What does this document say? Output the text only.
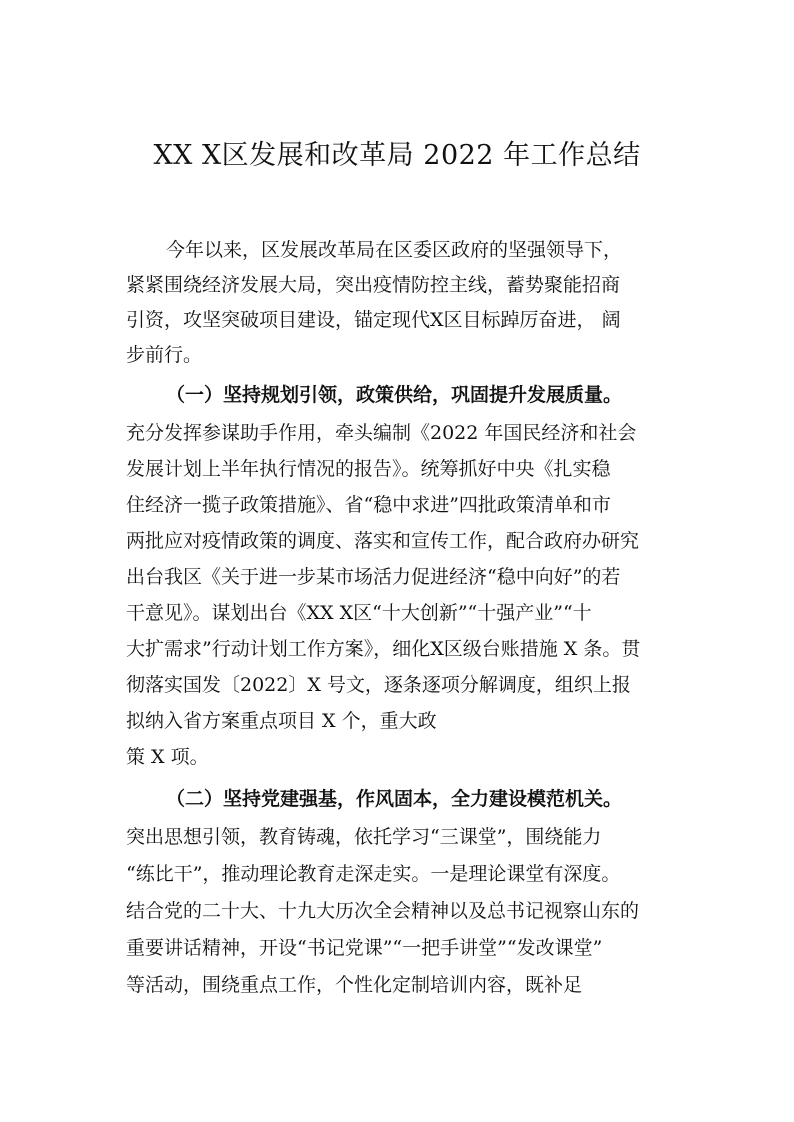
XX X区发展和改革局 2022 年工作总结

今年以来，区发展改革局在区委区政府的坚强领导下，

紧紧围绕经济发展大局，突出疫情防控主线，蓄势聚能招商

引资，攻坚突破项目建设，锚定现代X区目标踔厉奋进， 阔

步前行。

（一）坚持规划引领，政策供给，巩固提升发展质量。

充分发挥参谋助手作用，牵头编制《2022 年国民经济和社会

发展计划上半年执行情况的报告》。统筹抓好中央《扎实稳

住经济一揽子政策措施》、省“稳中求进”四批政策清单和市

两批应对疫情政策的调度、落实和宣传工作，配合政府办研究

出台我区《关于进一步某市场活力促进经济“稳中向好”的若

干意见》。谋划出台《XX X区“十大创新”“十强产业”“十

大扩需求”行动计划工作方案》，细化X区级台账措施 X 条。贯

彻落实国发〔2022〕X 号文，逐条逐项分解调度，组织上报

拟纳入省方案重点项目 X 个，重大政

策 X 项。

（二）坚持党建强基，作风固本，全力建设模范机关。

突出思想引领，教育铸魂，依托学习“三课堂”，围绕能力

“练比干”，推动理论教育走深走实。一是理论课堂有深度。

结合党的二十大、十九大历次全会精神以及总书记视察山东的

重要讲话精神，开设“书记党课”“一把手讲堂”“发改课堂”

等活动，围绕重点工作，个性化定制培训内容，既补足
